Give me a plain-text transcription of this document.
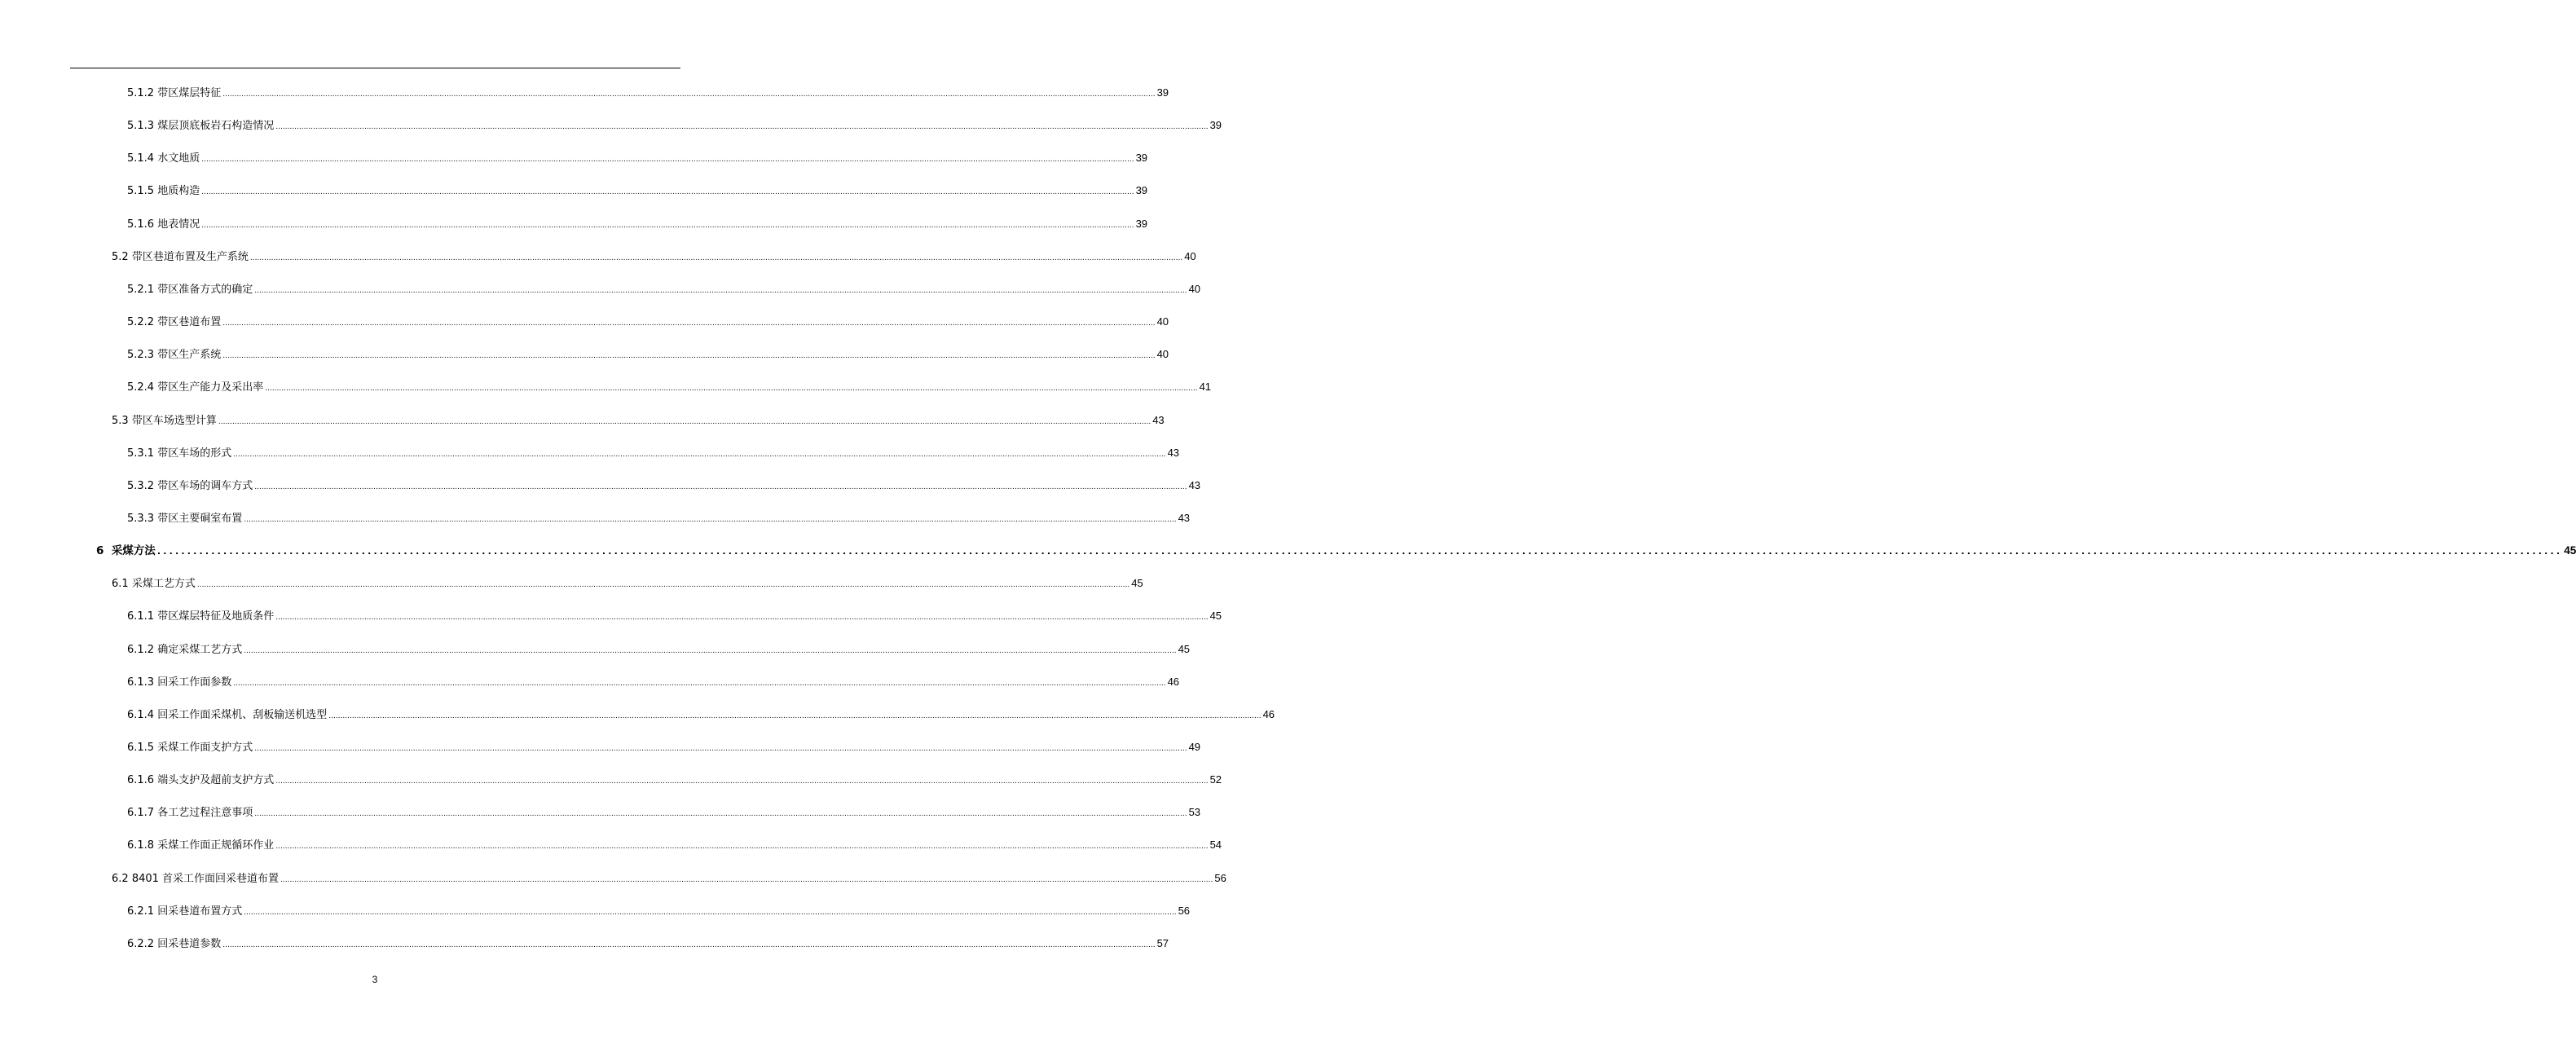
5.1.2
带区煤层特征 ................................................................................................................................................................................................................................................................................................................................................................................................................ 39
5.1.3
煤层顶底板岩石构造情况 ................................................................................................................................................................................................................................................................................................................................................................................................................ 39
5.1.4
水文地质 ................................................................................................................................................................................................................................................................................................................................................................................................................ 39
5.1.5
地质构造 ................................................................................................................................................................................................................................................................................................................................................................................................................ 39
5.1.6
地表情况 ................................................................................................................................................................................................................................................................................................................................................................................................................ 39
5.2
带区巷道布置及生产系统 ................................................................................................................................................................................................................................................................................................................................................................................................................ 40
5.2.1
带区准备方式的确定 ................................................................................................................................................................................................................................................................................................................................................................................................................ 40
5.2.2
带区巷道布置 ................................................................................................................................................................................................................................................................................................................................................................................................................ 40
5.2.3
带区生产系统 ................................................................................................................................................................................................................................................................................................................................................................................................................ 40
5.2.4
带区生产能力及采出率 ................................................................................................................................................................................................................................................................................................................................................................................................................ 41
5.3
带区车场选型计算 ................................................................................................................................................................................................................................................................................................................................................................................................................ 43
5.3.1
带区车场的形式 ................................................................................................................................................................................................................................................................................................................................................................................................................ 43
5.3.2
带区车场的调车方式 ................................................................................................................................................................................................................................................................................................................................................................................................................ 43
5.3.3
带区主要硐室布置 ................................................................................................................................................................................................................................................................................................................................................................................................................ 43
6
采煤方法 ................................................................................................................................................................................................................................................................................................................................................................................................................ 45
6.1
采煤工艺方式 ................................................................................................................................................................................................................................................................................................................................................................................................................ 45
6.1.1
带区煤层特征及地质条件 ................................................................................................................................................................................................................................................................................................................................................................................................................ 45
6.1.2
确定采煤工艺方式 ................................................................................................................................................................................................................................................................................................................................................................................................................ 45
6.1.3
回采工作面参数 ................................................................................................................................................................................................................................................................................................................................................................................................................ 46
6.1.4
回采工作面采煤机、刮板输送机选型 ................................................................................................................................................................................................................................................................................................................................................................................................................ 46
6.1.5
采煤工作面支护方式 ................................................................................................................................................................................................................................................................................................................................................................................................................ 49
6.1.6
端头支护及超前支护方式 ................................................................................................................................................................................................................................................................................................................................................................................................................ 52
6.1.7
各工艺过程注意事项 ................................................................................................................................................................................................................................................................................................................................................................................................................ 53
6.1.8
采煤工作面正规循环作业 ................................................................................................................................................................................................................................................................................................................................................................................................................ 54
6.2
8401 首采工作面回采巷道布置 ................................................................................................................................................................................................................................................................................................................................................................................................................ 56
6.2.1
回采巷道布置方式 ................................................................................................................................................................................................................................................................................................................................................................................................................ 56
6.2.2
回采巷道参数 ................................................................................................................................................................................................................................................................................................................................................................................................................ 57
3
